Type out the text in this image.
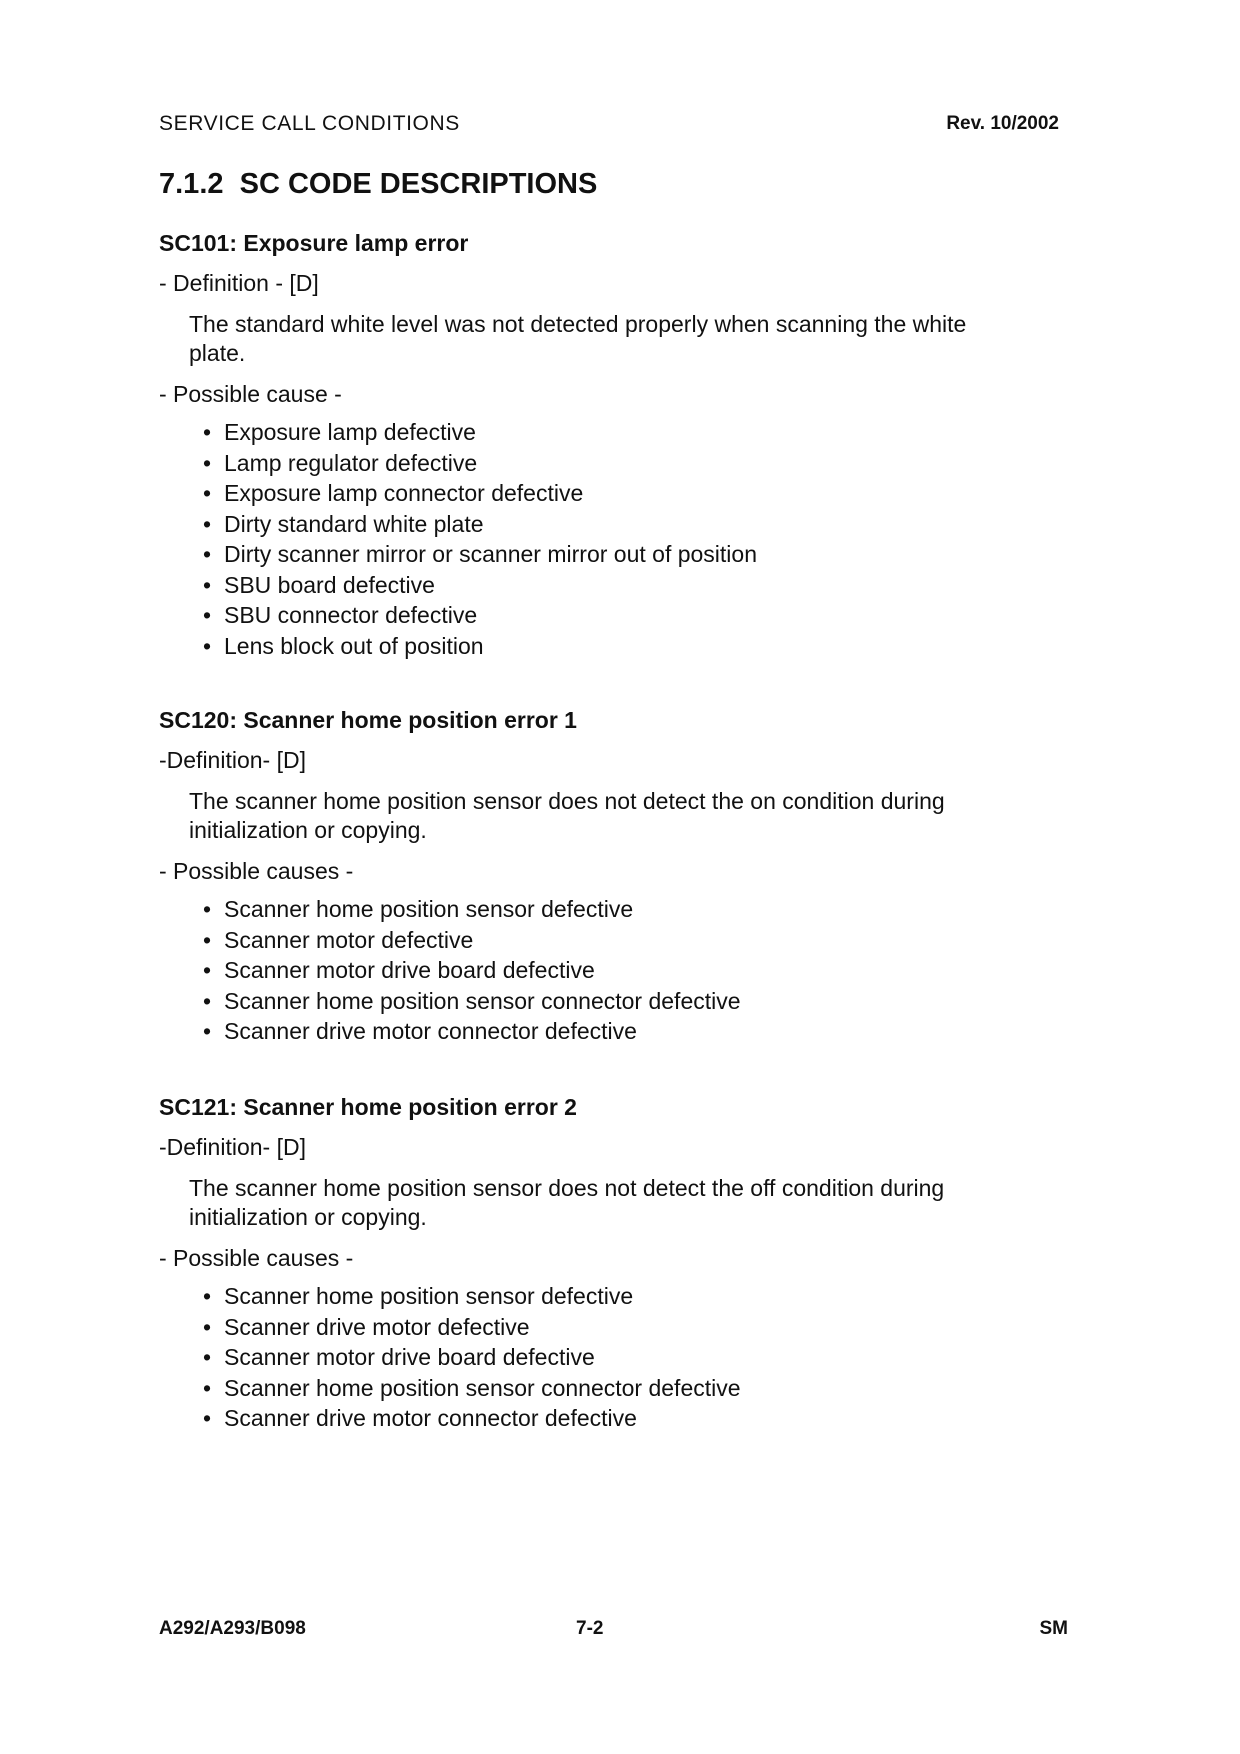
SERVICE CALL CONDITIONS	Rev. 10/2002
7.1.2  SC CODE DESCRIPTIONS
SC101: Exposure lamp error

- Definition - [D]

The standard white level was not detected properly when scanning the white
plate.

- Possible cause -

• Exposure lamp defective
• Lamp regulator defective
• Exposure lamp connector defective
• Dirty standard white plate
• Dirty scanner mirror or scanner mirror out of position
• SBU board defective
• SBU connector defective
• Lens block out of position
SC120: Scanner home position error 1

-Definition- [D]

The scanner home position sensor does not detect the on condition during
initialization or copying.

- Possible causes -

• Scanner home position sensor defective
• Scanner motor defective
• Scanner motor drive board defective
• Scanner home position sensor connector defective
• Scanner drive motor connector defective
SC121: Scanner home position error 2

-Definition- [D]

The scanner home position sensor does not detect the off condition during
initialization or copying.

- Possible causes -

• Scanner home position sensor defective
• Scanner drive motor defective
• Scanner motor drive board defective
• Scanner home position sensor connector defective
• Scanner drive motor connector defective
A292/A293/B098	7-2	SM
